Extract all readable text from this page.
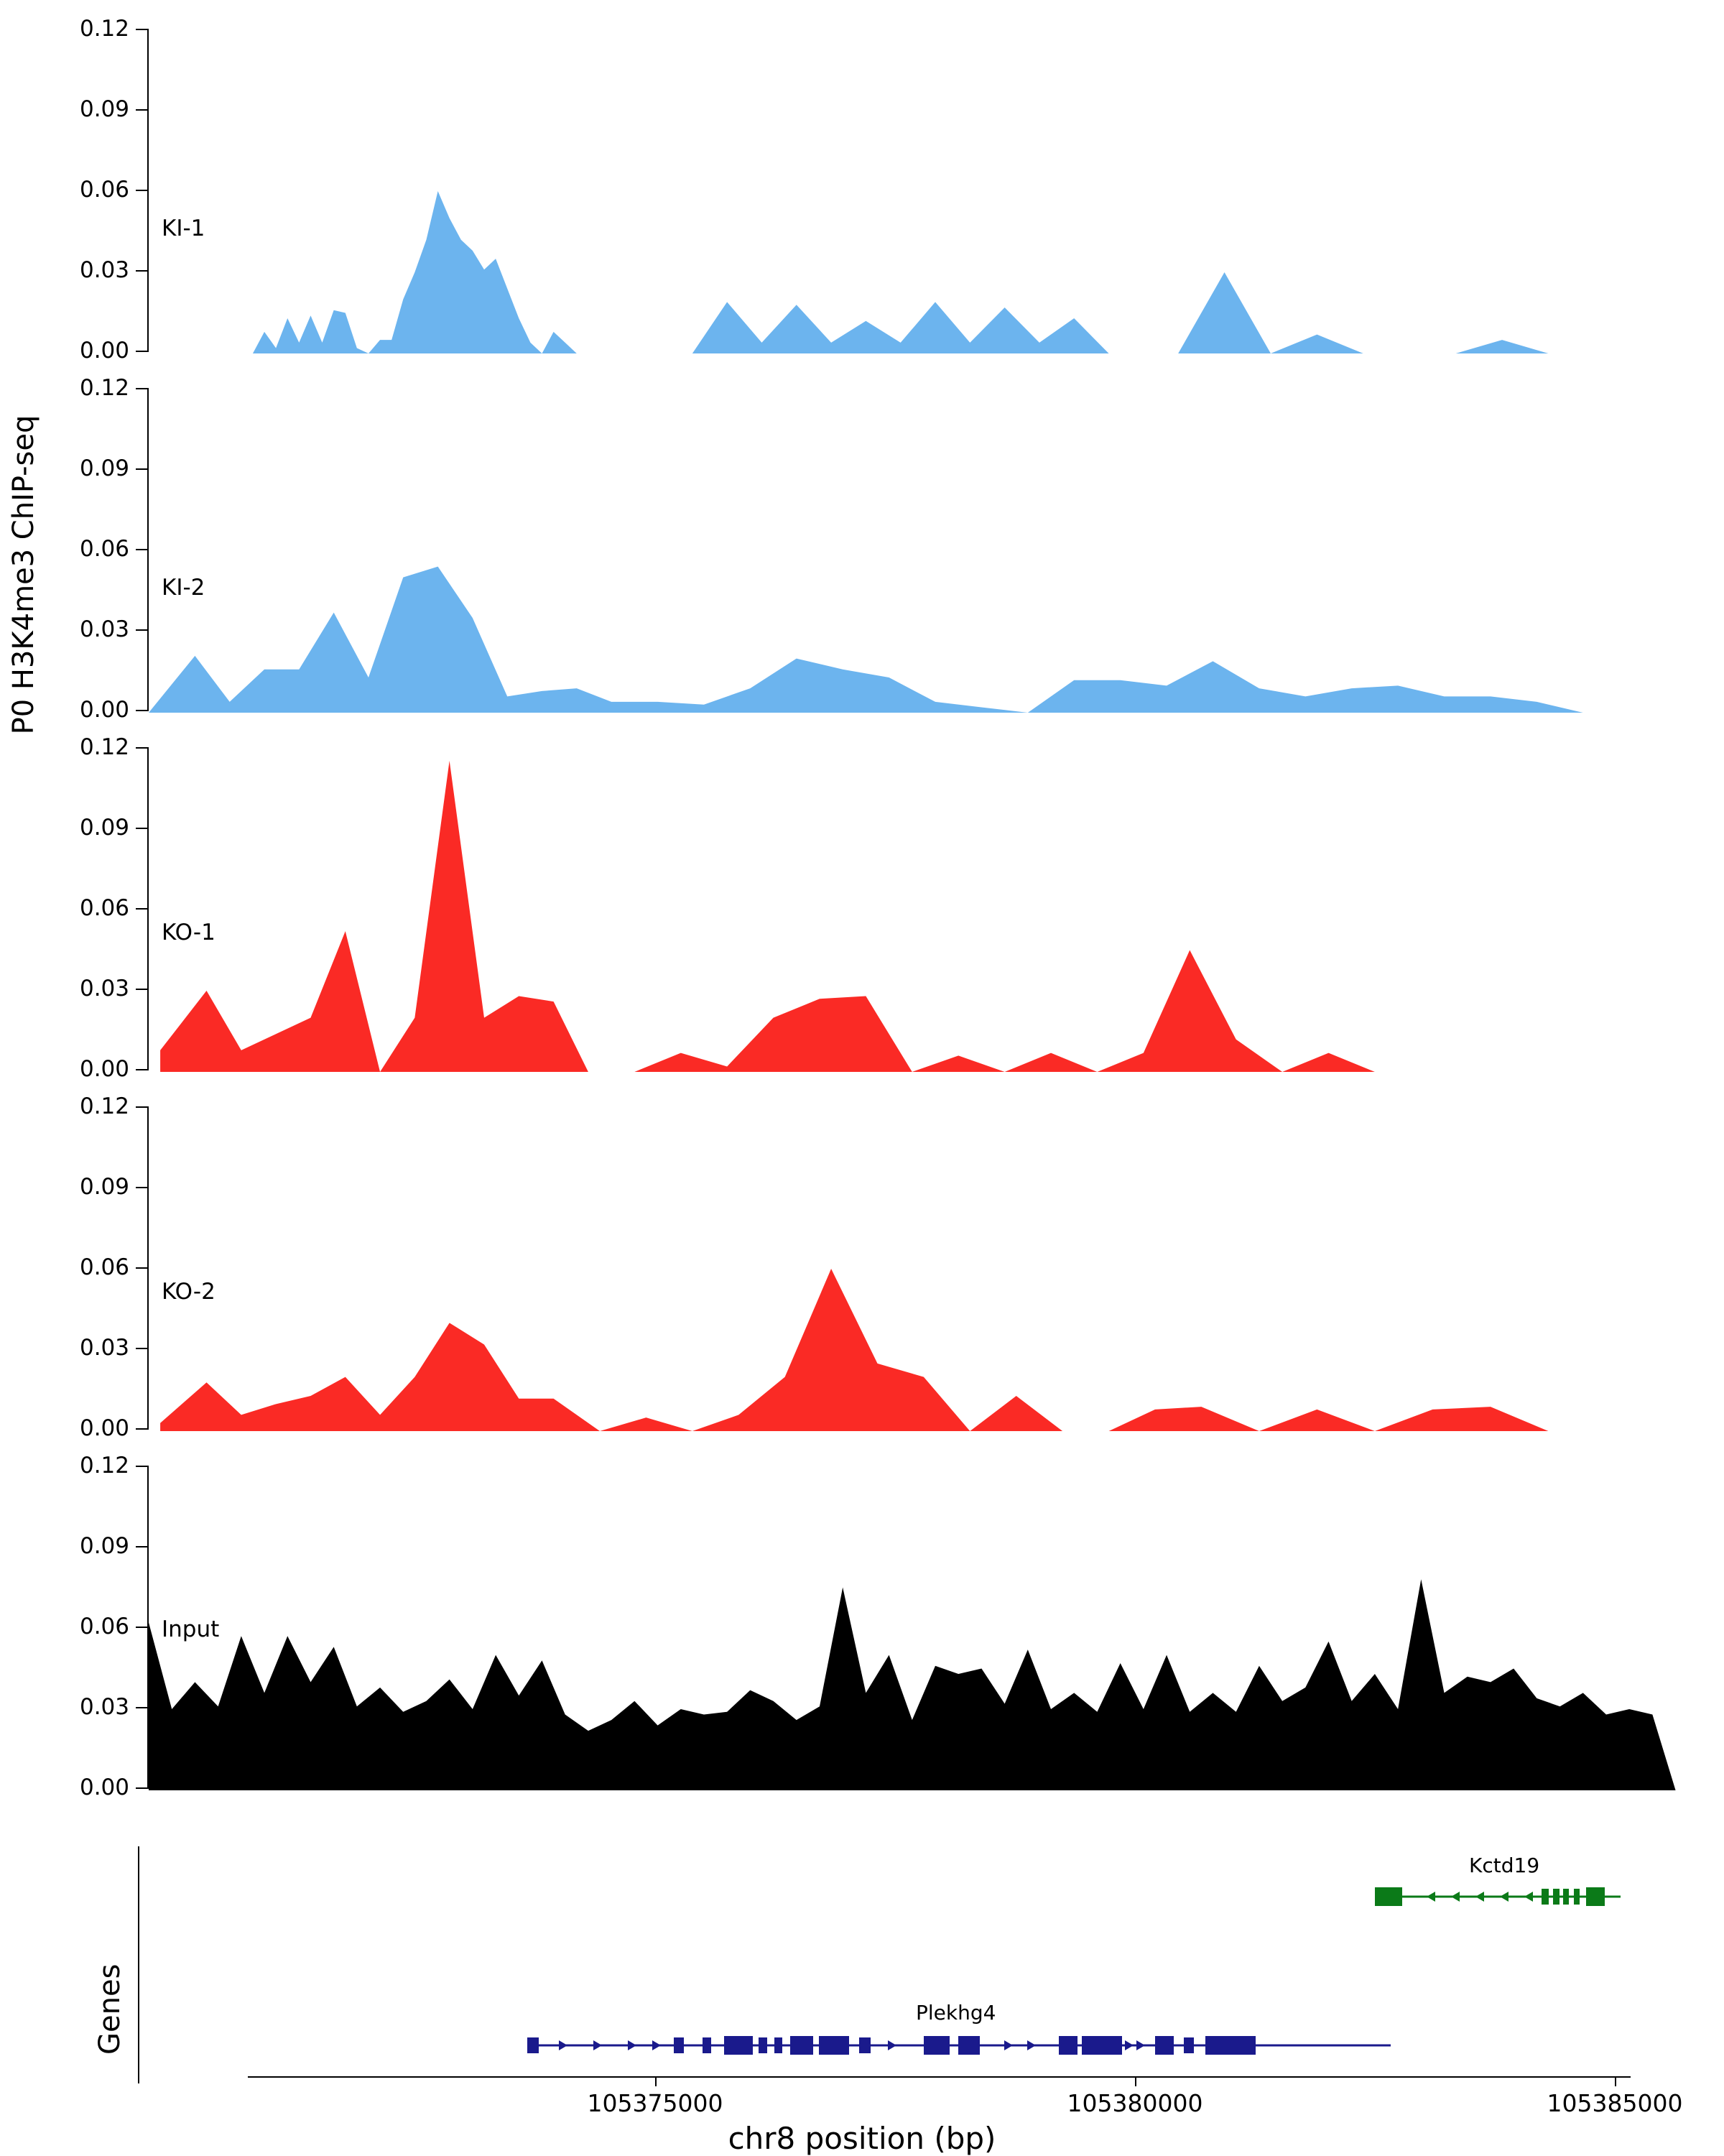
P0 H3K4me3 ChIP-seq
0.12
0.09
0.06
0.03
0.00
KI-1
0.12
0.09
0.06
0.03
0.00
KI-2
0.12
0.09
0.06
0.03
0.00
KO-1
0.12
0.09
0.06
0.03
0.00
KO-2
0.12
0.09
0.06
0.03
0.00
Input
Genes
Kctd19
Plekhg4
105375000	105380000	105385000
chr8 position (bp)
